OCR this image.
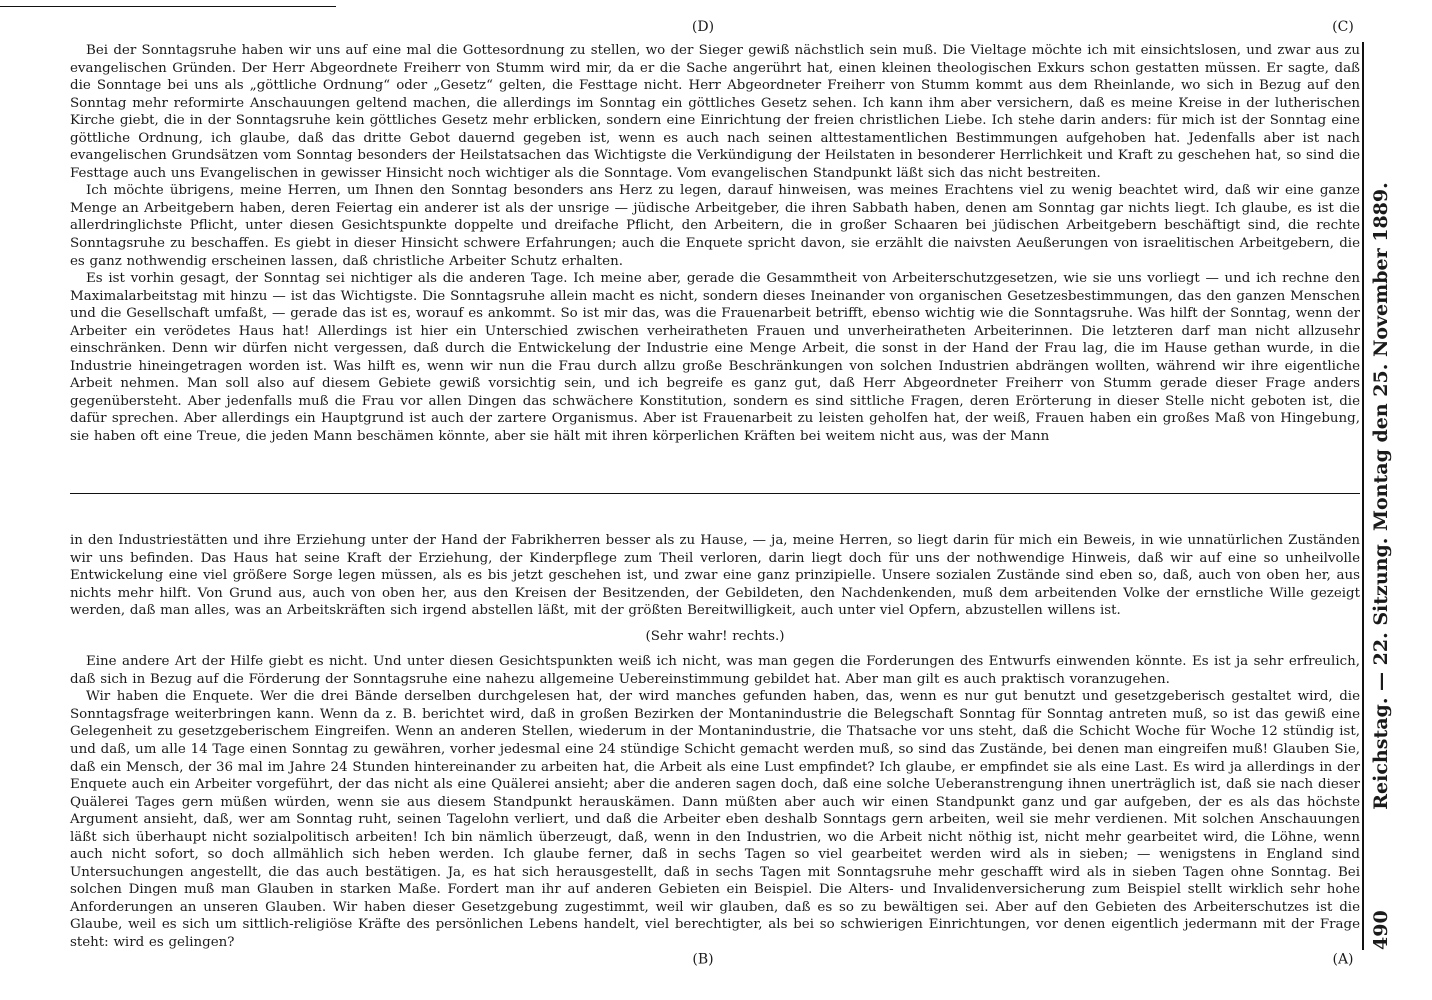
490
Reichstag. — 22. Sitzung. Montag den 25. November 1889.
(A)
(B)
(C)
(D)

in den Industriestätten und ihre Erziehung unter der Hand der Fabrikherren besser als zu Hause, — ja, meine Herren, so liegt darin für mich ein Beweis, in wie unnatürlichen Zuständen wir uns befinden. Das Haus hat seine Kraft der Erziehung, der Kinderpflege zum Theil verloren, darin liegt doch für uns der nothwendige Hinweis, daß wir auf eine so unheilvolle Entwickelung eine viel größere Sorge legen müssen, als es bis jetzt geschehen ist, und zwar eine ganz prinzipielle. Unsere sozialen Zustände sind eben so, daß, auch von oben her, aus nichts mehr hilft. Von Grund aus, auch von oben her, aus den Kreisen der Besitzenden, der Gebildeten, den Nachdenkenden, muß dem arbeitenden Volke der ernstliche Wille gezeigt werden, daß man alles, was an Arbeitskräften sich irgend abstellen läßt, mit der größten Bereitwilligkeit, auch unter viel Opfern, abzustellen willens ist.

(Sehr wahr! rechts.)

Eine andere Art der Hilfe giebt es nicht. Und unter diesen Gesichtspunkten weiß ich nicht, was man gegen die Forderungen des Entwurfs einwenden könnte. Es ist ja sehr erfreulich, daß sich in Bezug auf die Förderung der Sonntagsruhe eine nahezu allgemeine Uebereinstimmung gebildet hat. Aber man gilt es auch praktisch voranzugehen.

Wir haben die Enquete. Wer die drei Bände derselben durchgelesen hat, der wird manches gefunden haben, das, wenn es nur gut benutzt und gesetzgeberisch gestaltet wird, die Sonntagsfrage weiterbringen kann. Wenn da z. B. berichtet wird, daß in großen Bezirken der Montanindustrie die Belegschaft Sonntag für Sonntag antreten muß, so ist das gewiß eine Gelegenheit zu gesetzgeberischem Eingreifen. Wenn an anderen Stellen, wiederum in der Montanindustrie, die Thatsache vor uns steht, daß die Schicht Woche für Woche 12 stündig ist, und daß, um alle 14 Tage einen Sonntag zu gewähren, vorher jedesmal eine 24 stündige Schicht gemacht werden muß, so sind das Zustände, bei denen man eingreifen muß! Glauben Sie, daß ein Mensch, der 36 mal im Jahre 24 Stunden hintereinander zu arbeiten hat, die Arbeit als eine Lust empfindet? Ich glaube, er empfindet sie als eine Last. Es wird ja allerdings in der Enquete auch ein Arbeiter vorgeführt, der das nicht als eine Quälerei ansieht; aber die anderen sagen doch, daß eine solche Ueberanstrengung ihnen unerträglich ist, daß sie nach dieser Quälerei Tages gern müßen würden, wenn sie aus diesem Standpunkt herauskämen. Dann müßten aber auch wir einen Standpunkt ganz und gar aufgeben, der es als das höchste Argument ansieht, daß, wer am Sonntag ruht, seinen Tagelohn verliert, und daß die Arbeiter eben deshalb Sonntags gern arbeiten, weil sie mehr verdienen. Mit solchen Anschauungen läßt sich überhaupt nicht sozialpolitisch arbeiten! Ich bin nämlich überzeugt, daß, wenn in den Industrien, wo die Arbeit nicht nöthig ist, nicht mehr gearbeitet wird, die Löhne, wenn auch nicht sofort, so doch allmählich sich heben werden. Ich glaube ferner, daß in sechs Tagen so viel gearbeitet werden wird als in sieben; — wenigstens in England sind Untersuchungen angestellt, die das auch bestätigen. Ja, es hat sich herausgestellt, daß in sechs Tagen mit Sonntagsruhe mehr geschafft wird als in sieben Tagen ohne Sonntag. Bei solchen Dingen muß man Glauben in starken Maße. Fordert man ihr auf anderen Gebieten ein Beispiel. Die Alters- und Invalidenversicherung zum Beispiel stellt wirklich sehr hohe Anforderungen an unseren Glauben. Wir haben dieser Gesetzgebung zugestimmt, weil wir glauben, daß es so zu bewältigen sei. Aber auf den Gebieten des Arbeiterschutzes ist die Glaube, weil es sich um sittlich-religiöse Kräfte des persönlichen Lebens handelt, viel berechtigter, als bei so schwierigen Einrichtungen, vor denen eigentlich jedermann mit der Frage steht: wird es gelingen?

Bei der Sonntagsruhe haben wir uns auf eine mal die Gottesordnung zu stellen, wo der Sieger gewiß nächstlich sein muß. Die Vieltage möchte ich mit einsichtslosen, und zwar aus zu evangelischen Gründen. Der Herr Abgeordnete Freiherr von Stumm wird mir, da er die Sache angerührt hat, einen kleinen theologischen Exkurs schon gestatten müssen. Er sagte, daß die Sonntage bei uns als „göttliche Ordnung“ oder „Gesetz“ gelten, die Festtage nicht. Herr Abgeordneter Freiherr von Stumm kommt aus dem Rheinlande, wo sich in Bezug auf den Sonntag mehr reformirte Anschauungen geltend machen, die allerdings im Sonntag ein göttliches Gesetz sehen. Ich kann ihm aber versichern, daß es meine Kreise in der lutherischen Kirche giebt, die in der Sonntagsruhe kein göttliches Gesetz mehr erblicken, sondern eine Einrichtung der freien christlichen Liebe. Ich stehe darin anders: für mich ist der Sonntag eine göttliche Ordnung, ich glaube, daß das dritte Gebot dauernd gegeben ist, wenn es auch nach seinen alttestamentlichen Bestimmungen aufgehoben hat. Jedenfalls aber ist nach evangelischen Grundsätzen vom Sonntag besonders der Heilstatsachen das Wichtigste die Verkündigung der Heilstaten in besonderer Herrlichkeit und Kraft zu geschehen hat, so sind die Festtage auch uns Evangelischen in gewisser Hinsicht noch wichtiger als die Sonntage. Vom evangelischen Standpunkt läßt sich das nicht bestreiten.

Ich möchte übrigens, meine Herren, um Ihnen den Sonntag besonders ans Herz zu legen, darauf hinweisen, was meines Erachtens viel zu wenig beachtet wird, daß wir eine ganze Menge an Arbeitgebern haben, deren Feiertag ein anderer ist als der unsrige — jüdische Arbeitgeber, die ihren Sabbath haben, denen am Sonntag gar nichts liegt. Ich glaube, es ist die allerdringlichste Pflicht, unter diesen Gesichtspunkte doppelte und dreifache Pflicht, den Arbeitern, die in großer Schaaren bei jüdischen Arbeitgebern beschäftigt sind, die rechte Sonntagsruhe zu beschaffen. Es giebt in dieser Hinsicht schwere Erfahrungen; auch die Enquete spricht davon, sie erzählt die naivsten Aeußerungen von israelitischen Arbeitgebern, die es ganz nothwendig erscheinen lassen, daß christliche Arbeiter Schutz erhalten.

Es ist vorhin gesagt, der Sonntag sei nichtiger als die anderen Tage. Ich meine aber, gerade die Gesammtheit von Arbeiterschutzgesetzen, wie sie uns vorliegt — und ich rechne den Maximalarbeitstag mit hinzu — ist das Wichtigste. Die Sonntagsruhe allein macht es nicht, sondern dieses Ineinander von organischen Gesetzesbestimmungen, das den ganzen Menschen und die Gesellschaft umfaßt, — gerade das ist es, worauf es ankommt. So ist mir das, was die Frauenarbeit betrifft, ebenso wichtig wie die Sonntagsruhe. Was hilft der Sonntag, wenn der Arbeiter ein verödetes Haus hat! Allerdings ist hier ein Unterschied zwischen verheiratheten Frauen und unverheiratheten Arbeiterinnen. Die letzteren darf man nicht allzusehr einschränken. Denn wir dürfen nicht vergessen, daß durch die Entwickelung der Industrie eine Menge Arbeit, die sonst in der Hand der Frau lag, die im Hause gethan wurde, in die Industrie hineingetragen worden ist. Was hilft es, wenn wir nun die Frau durch allzu große Beschränkungen von solchen Industrien abdrängen wollten, während wir ihre eigentliche Arbeit nehmen. Man soll also auf diesem Gebiete gewiß vorsichtig sein, und ich begreife es ganz gut, daß Herr Abgeordneter Freiherr von Stumm gerade dieser Frage anders gegenübersteht. Aber jedenfalls muß die Frau vor allen Dingen das schwächere Konstitution, sondern es sind sittliche Fragen, deren Erörterung in dieser Stelle nicht geboten ist, die dafür sprechen. Aber allerdings ein Hauptgrund ist auch der zartere Organismus. Aber ist Frauenarbeit zu leisten geholfen hat, der weiß, Frauen haben ein großes Maß von Hingebung, sie haben oft eine Treue, die jeden Mann beschämen könnte, aber sie hält mit ihren körperlichen Kräften bei weitem nicht aus, was der Mann
